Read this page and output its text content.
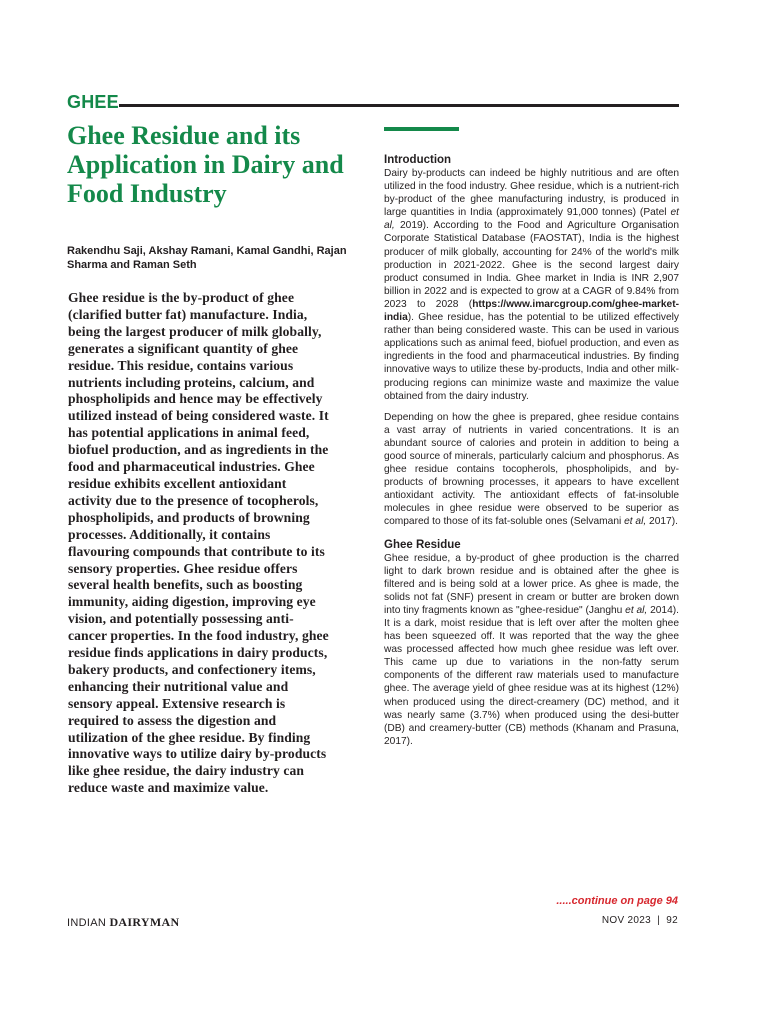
GHEE
Ghee Residue and its Application in Dairy and Food Industry

Rakendhu Saji, Akshay Ramani, Kamal Gandhi, Rajan Sharma and Raman Seth

Ghee residue is the by-product of ghee (clarified butter fat) manufacture. India, being the largest producer of milk globally, generates a significant quantity of ghee residue. This residue, contains various nutrients including proteins, calcium, and phospholipids and hence may be effectively utilized instead of being considered waste. It has potential applications in animal feed, biofuel production, and as ingredients in the food and pharmaceutical industries. Ghee residue exhibits excellent antioxidant activity due to the presence of tocopherols, phospholipids, and products of browning processes. Additionally, it contains flavouring compounds that contribute to its sensory properties. Ghee residue offers several health benefits, such as boosting immunity, aiding digestion, improving eye vision, and potentially possessing anti-cancer properties. In the food industry, ghee residue finds applications in dairy products, bakery products, and confectionery items, enhancing their nutritional value and sensory appeal. Extensive research is required to assess the digestion and utilization of the ghee residue. By finding innovative ways to utilize dairy by-products like ghee residue, the dairy industry can reduce waste and maximize value.

Introduction

Dairy by-products can indeed be highly nutritious and are often utilized in the food industry. Ghee residue, which is a nutrient-rich by-product of the ghee manufacturing industry, is produced in large quantities in India (approximately 91,000 tonnes) (Patel et al, 2019). According to the Food and Agriculture Organisation Corporate Statistical Database (FAOSTAT), India is the highest producer of milk globally, accounting for 24% of the world's milk production in 2021-2022. Ghee is the second largest dairy product consumed in India. Ghee market in India is INR 2,907 billion in 2022 and is expected to grow at a CAGR of 9.84% from 2023 to 2028 (https://www.imarcgroup.com/ghee-market-india). Ghee residue, has the potential to be utilized effectively rather than being considered waste. This can be used in various applications such as animal feed, biofuel production, and even as ingredients in the food and pharmaceutical industries. By finding innovative ways to utilize these by-products, India and other milk-producing regions can minimize waste and maximize the value obtained from the dairy industry.

Depending on how the ghee is prepared, ghee residue contains a vast array of nutrients in varied concentrations. It is an abundant source of calories and protein in addition to being a good source of minerals, particularly calcium and phosphorus. As ghee residue contains tocopherols, phospholipids, and by-products of browning processes, it appears to have excellent antioxidant activity. The antioxidant effects of fat-insoluble molecules in ghee residue were observed to be superior as compared to those of its fat-soluble ones (Selvamani et al, 2017).

Ghee Residue

Ghee residue, a by-product of ghee production is the charred light to dark brown residue and is obtained after the ghee is filtered and is being sold at a lower price. As ghee is made, the solids not fat (SNF) present in cream or butter are broken down into tiny fragments known as "ghee-residue" (Janghu et al, 2014). It is a dark, moist residue that is left over after the molten ghee has been squeezed off. It was reported that the way the ghee was processed affected how much ghee residue was left over. This came up due to variations in the non-fatty serum components of the different raw materials used to manufacture ghee. The average yield of ghee residue was at its highest (12%) when produced using the direct-creamery (DC) method, and it was nearly same (3.7%) when produced using the desi-butter (DB) and creamery-butter (CB) methods (Khanam and Prasuna, 2017).

.....continue on page 94
INDIAN DAIRYMAN	NOV 2023 | 92
